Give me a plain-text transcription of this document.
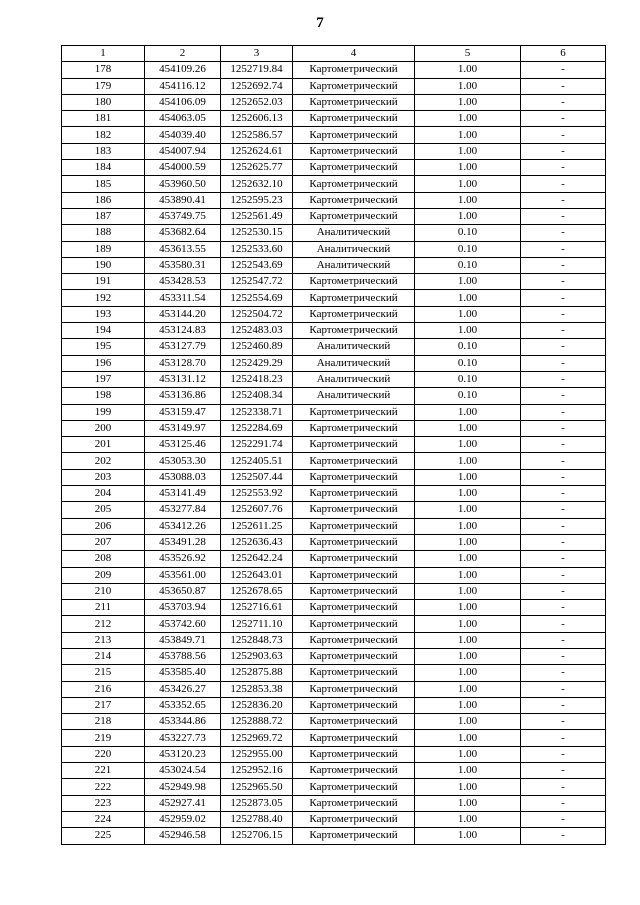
7
1	2	3	4	5	6
178	454109.26	1252719.84	Картометрический	1.00	-
179	454116.12	1252692.74	Картометрический	1.00	-
180	454106.09	1252652.03	Картометрический	1.00	-
181	454063.05	1252606.13	Картометрический	1.00	-
182	454039.40	1252586.57	Картометрический	1.00	-
183	454007.94	1252624.61	Картометрический	1.00	-
184	454000.59	1252625.77	Картометрический	1.00	-
185	453960.50	1252632.10	Картометрический	1.00	-
186	453890.41	1252595.23	Картометрический	1.00	-
187	453749.75	1252561.49	Картометрический	1.00	-
188	453682.64	1252530.15	Аналитический	0.10	-
189	453613.55	1252533.60	Аналитический	0.10	-
190	453580.31	1252543.69	Аналитический	0.10	-
191	453428.53	1252547.72	Картометрический	1.00	-
192	453311.54	1252554.69	Картометрический	1.00	-
193	453144.20	1252504.72	Картометрический	1.00	-
194	453124.83	1252483.03	Картометрический	1.00	-
195	453127.79	1252460.89	Аналитический	0.10	-
196	453128.70	1252429.29	Аналитический	0.10	-
197	453131.12	1252418.23	Аналитический	0.10	-
198	453136.86	1252408.34	Аналитический	0.10	-
199	453159.47	1252338.71	Картометрический	1.00	-
200	453149.97	1252284.69	Картометрический	1.00	-
201	453125.46	1252291.74	Картометрический	1.00	-
202	453053.30	1252405.51	Картометрический	1.00	-
203	453088.03	1252507.44	Картометрический	1.00	-
204	453141.49	1252553.92	Картометрический	1.00	-
205	453277.84	1252607.76	Картометрический	1.00	-
206	453412.26	1252611.25	Картометрический	1.00	-
207	453491.28	1252636.43	Картометрический	1.00	-
208	453526.92	1252642.24	Картометрический	1.00	-
209	453561.00	1252643.01	Картометрический	1.00	-
210	453650.87	1252678.65	Картометрический	1.00	-
211	453703.94	1252716.61	Картометрический	1.00	-
212	453742.60	1252711.10	Картометрический	1.00	-
213	453849.71	1252848.73	Картометрический	1.00	-
214	453788.56	1252903.63	Картометрический	1.00	-
215	453585.40	1252875.88	Картометрический	1.00	-
216	453426.27	1252853.38	Картометрический	1.00	-
217	453352.65	1252836.20	Картометрический	1.00	-
218	453344.86	1252888.72	Картометрический	1.00	-
219	453227.73	1252969.72	Картометрический	1.00	-
220	453120.23	1252955.00	Картометрический	1.00	-
221	453024.54	1252952.16	Картометрический	1.00	-
222	452949.98	1252965.50	Картометрический	1.00	-
223	452927.41	1252873.05	Картометрический	1.00	-
224	452959.02	1252788.40	Картометрический	1.00	-
225	452946.58	1252706.15	Картометрический	1.00	-
